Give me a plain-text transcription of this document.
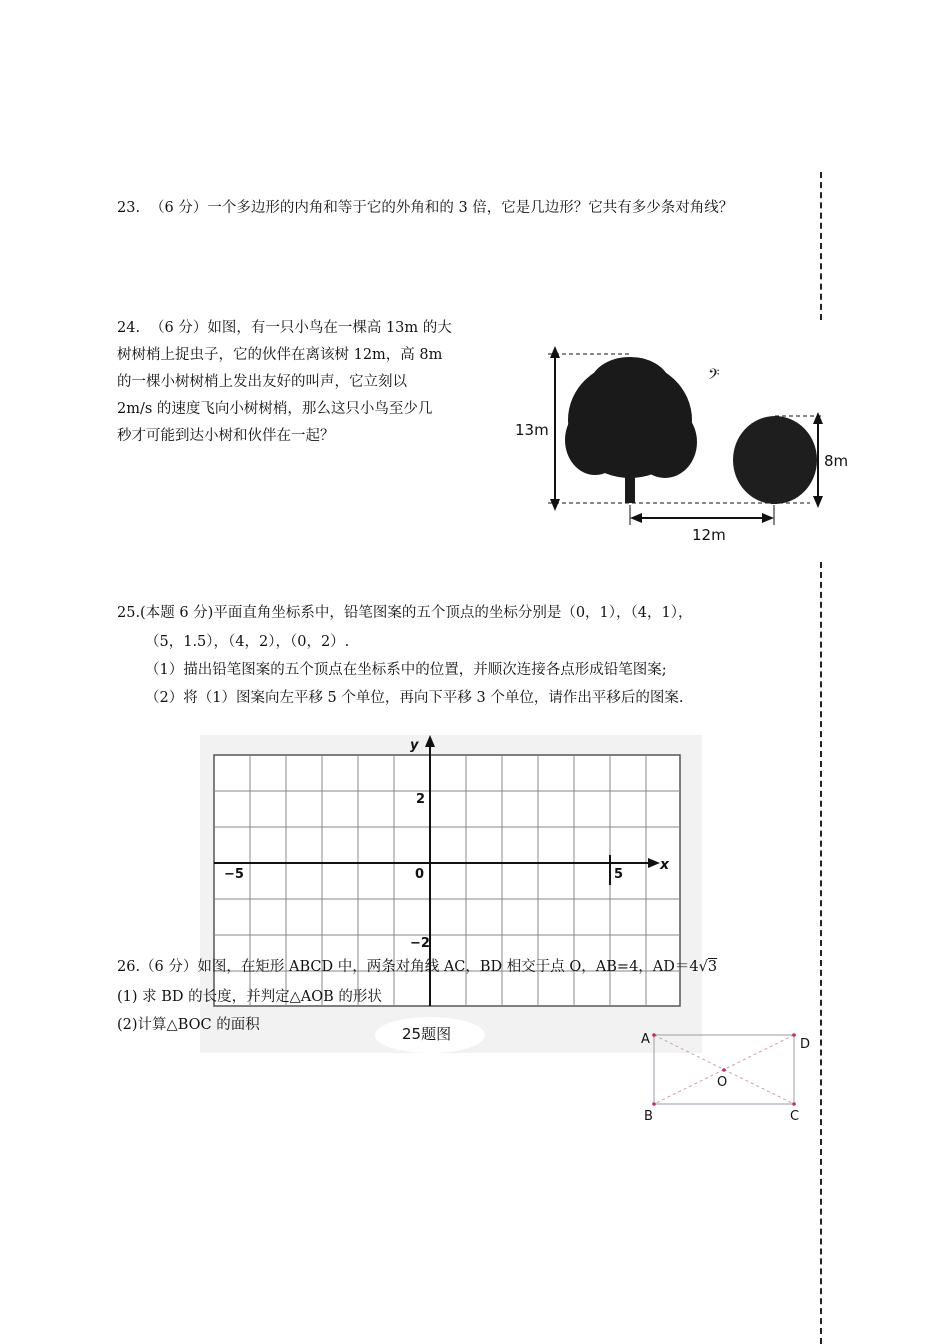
23. （6 分）一个多边形的内角和等于它的外角和的 3 倍，它是几边形？它共有多少条对角线？
24. （6 分）如图，有一只小鸟在一棵高 13m 的大
树树梢上捉虫子，它的伙伴在离该树 12m，高 8m
的一棵小树树梢上发出友好的叫声，它立刻以
2m/s 的速度飞向小树树梢，那么这只小鸟至少几
秒才可能到达小树和伙伴在一起？	13m
𝄢
8m
12m
25.(本题 6 分)平面直角坐标系中，铅笔图案的五个顶点的坐标分别是（0，1），（4，1），
（5，1.5），（4，2），（0，2）.
（1）描出铅笔图案的五个顶点在坐标系中的位置，并顺次连接各点形成铅笔图案;
（2）将（1）图案向左平移 5 个单位，再向下平移 3 个单位，请作出平移后的图案.
y
x
−5	0	5
2
−2
25题图
26.（6 分）如图，在矩形 ABCD 中，两条对角线 AC，BD 相交于点 O，AB=4，AD＝4√3
(1) 求 BD 的长度，并判定△AOB 的形状
(2)计算△BOC 的面积
A	D
O
B	C
